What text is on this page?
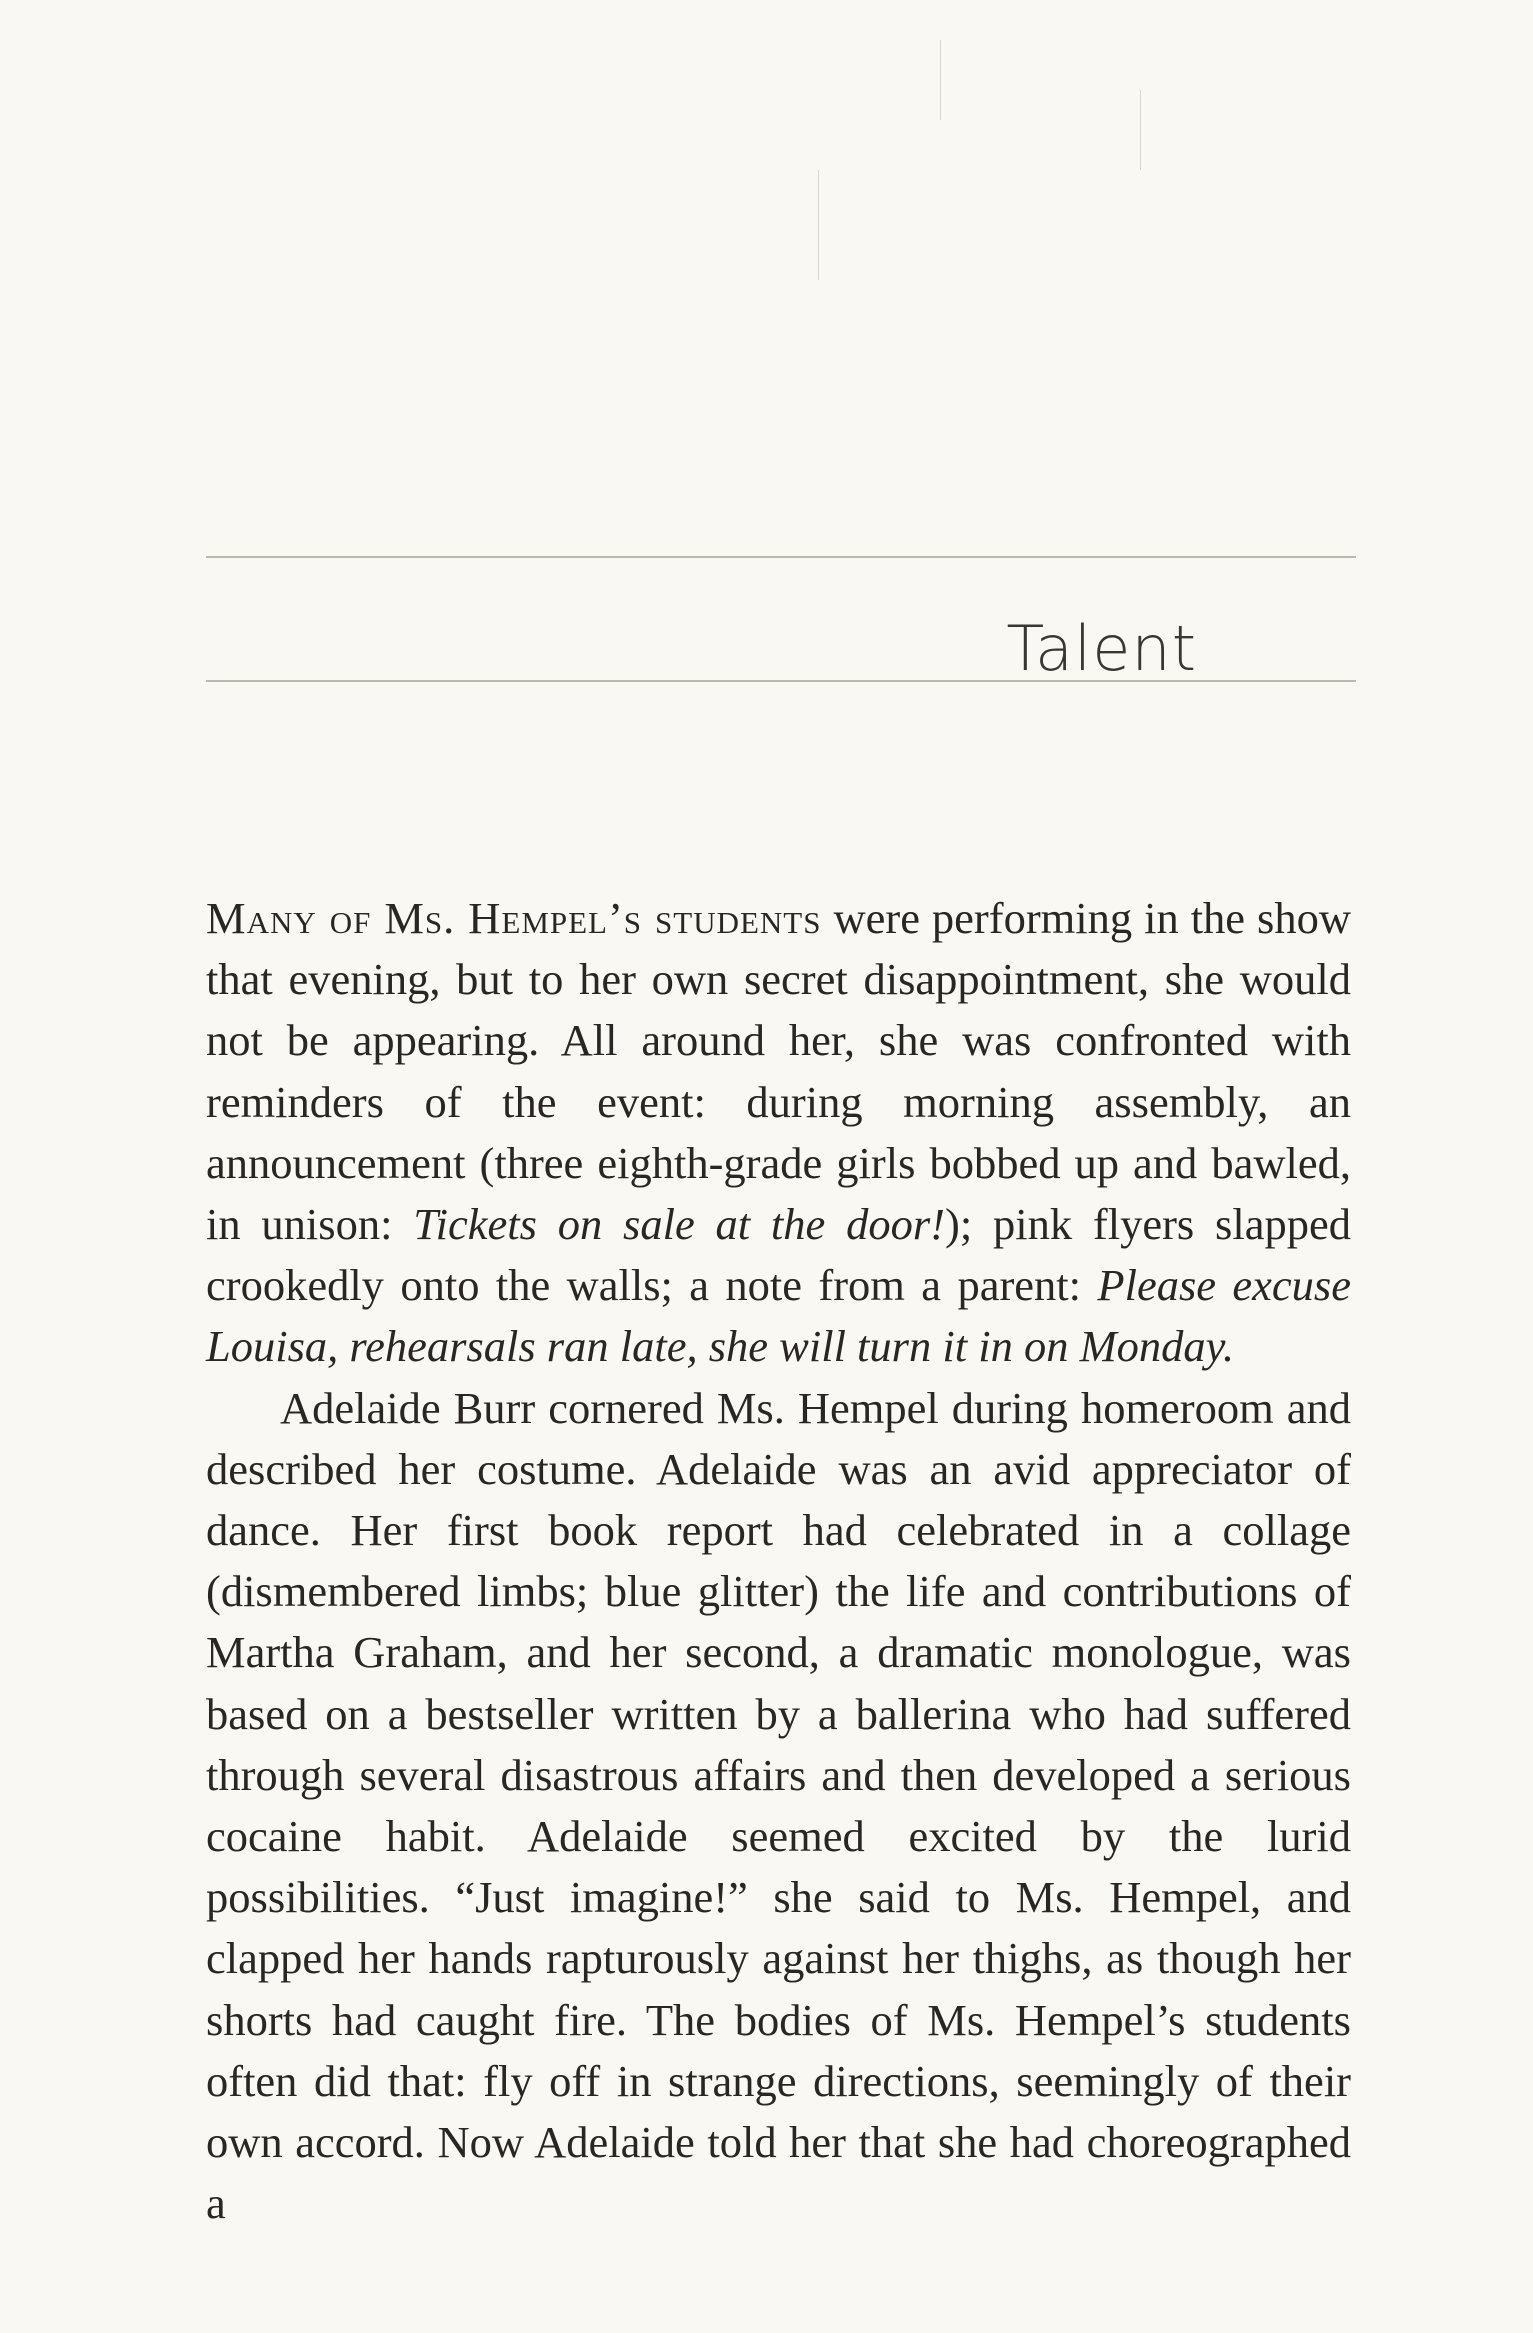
Talent

Many of Ms. Hempel’s students were performing in the show that evening, but to her own secret disappointment, she would not be appearing. All around her, she was confronted with reminders of the event: during morning assembly, an announcement (three eighth-grade girls bobbed up and bawled, in unison: Tickets on sale at the door!); pink flyers slapped crookedly onto the walls; a note from a parent: Please excuse Louisa, rehearsals ran late, she will turn it in on Monday.

Adelaide Burr cornered Ms. Hempel during homeroom and described her costume. Adelaide was an avid appreciator of dance. Her first book report had celebrated in a collage (dismembered limbs; blue glitter) the life and contributions of Martha Graham, and her second, a dramatic monologue, was based on a bestseller written by a ballerina who had suffered through several disastrous affairs and then developed a serious cocaine habit. Adelaide seemed excited by the lurid possibilities. “Just imagine!” she said to Ms. Hempel, and clapped her hands rapturously against her thighs, as though her shorts had caught fire. The bodies of Ms. Hempel’s students often did that: fly off in strange directions, seemingly of their own accord. Now Adelaide told her that she had choreographed a
